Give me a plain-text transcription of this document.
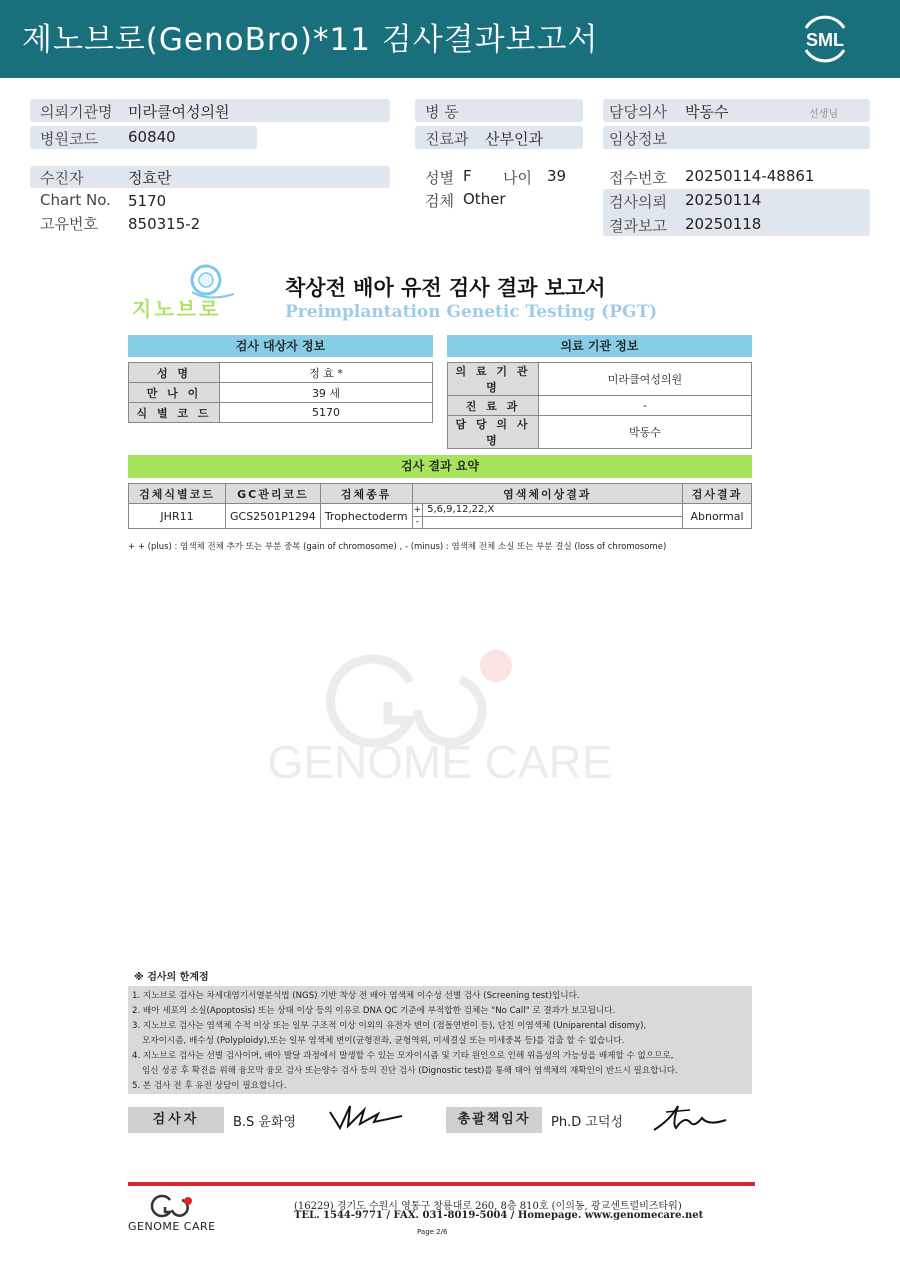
제노브로(GenoBro)*11 검사결과보고서	SML
의뢰기관명 미라클여성의원
병원코드 60840
병 동
진료과 산부인과
담당의사 박동수	선생님
임상정보
수진자	정효란
Chart No. 5170
고유번호 850315-2
성별 F 나이 39
검체 Other
접수번호 20250114-48861
검사의뢰 20250114
결과보고 20250118
지노브로
착상전 배아 유전 검사 결과 보고서
Preimplantation Genetic Testing (PGT)
검사 대상자 정보
성 명	정 효 *
만 나 이	39 세
식 별 코 드	5170
의료 기관 정보
의 료 기 관 명	미라클여성의원
진 료 과	-
담 당 의 사 명	박동수
검사 결과 요약
검체식별코드	GC관리코드	검체종류	염색체이상결과		검사결과
JHR11	GCS2501P1294	Trophectoderm	+	5,6,9,12,22,X	Abnormal
			-		
+ + (plus) : 염색체 전체 추가 또는 부분 중복 (gain of chromosome) , - (minus) : 염색체 전체 소실 또는 부분 결실 (loss of chromosome)
GENOME CARE
※ 검사의 한계점
1. 지노브로 검사는 차세대염기서열분석법 (NGS) 기반 착상 전 배아 염색체 이수성 선별 검사 (Screening test)입니다.
2. 배아 세포의 소실(Apoptosis) 또는 상태 이상 등의 이유로 DNA QC 기준에 부적합한 검체는 "No Call" 로 결과가 보고됩니다.
3. 지노브로 검사는 염색체 수적 이상 또는 일부 구조적 이상 이외의 유전자 변이 (점돌연변이 등), 단친 이염색체 (Uniparental disomy),
모자이시즘, 배수성 (Polyploidy),또는 일부 염색체 변이(균형전좌, 균형역위, 미세결실 또는 미세중복 등)를 검출 할 수 없습니다.
4. 지노브로 검사는 선별 검사이며, 배아 발달 과정에서 발생할 수 있는 모자이시즘 및 기타 원인으로 인해 위음성의 가능성을 배제할 수 없으므로,
임신 성공 후 확진을 위해 융모막 융모 검사 또는양수 검사 등의 진단 검사 (Dignostic test)를 통해 태아 염색체의 재확인이 반드시 필요합니다.
5. 본 검사 전 후 유전 상담이 필요합니다.
검사자	B.S 윤화영	총괄책임자	Ph.D 고덕성
GENOME CARE
(16229) 경기도 수원시 영통구 창룡대로 260, 8층 810호 (이의동, 광교센트럴비즈타워)
TEL. 1544-9771 / FAX. 031-8019-5004 / Homepage. www.genomecare.net
Page 2/6
